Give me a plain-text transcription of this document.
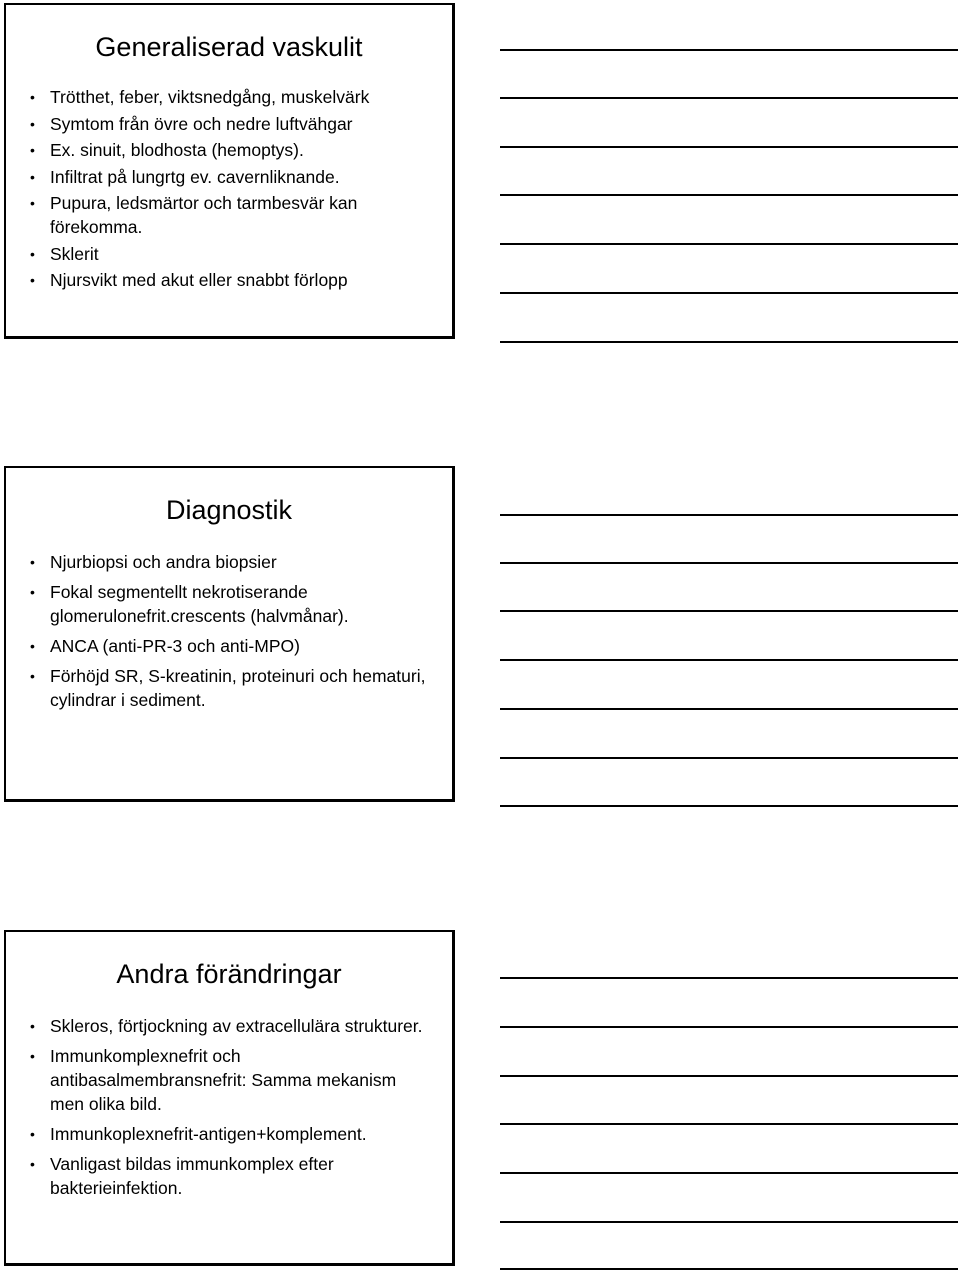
Generaliserad vaskulit
• Trötthet, feber, viktsnedgång, muskelvärk
• Symtom från övre och nedre luftvähgar
• Ex. sinuit, blodhosta (hemoptys).
• Infiltrat på lungrtg ev. cavernliknande.
• Pupura, ledsmärtor och tarmbesvär kan förekomma.
• Sklerit
• Njursvikt med akut eller snabbt förlopp
Diagnostik
• Njurbiopsi och andra biopsier
• Fokal segmentellt nekrotiserande glomerulonefrit.crescents (halvmånar).
• ANCA (anti-PR-3 och anti-MPO)
• Förhöjd SR, S-kreatinin, proteinuri och hematuri, cylindrar i sediment.
Andra förändringar
• Skleros, förtjockning av extracellulära strukturer.
• Immunkomplexnefrit och antibasalmembransnefrit: Samma mekanism men olika bild.
• Immunkoplexnefrit-antigen+komplement.
• Vanligast bildas immunkomplex efter bakterieinfektion.
